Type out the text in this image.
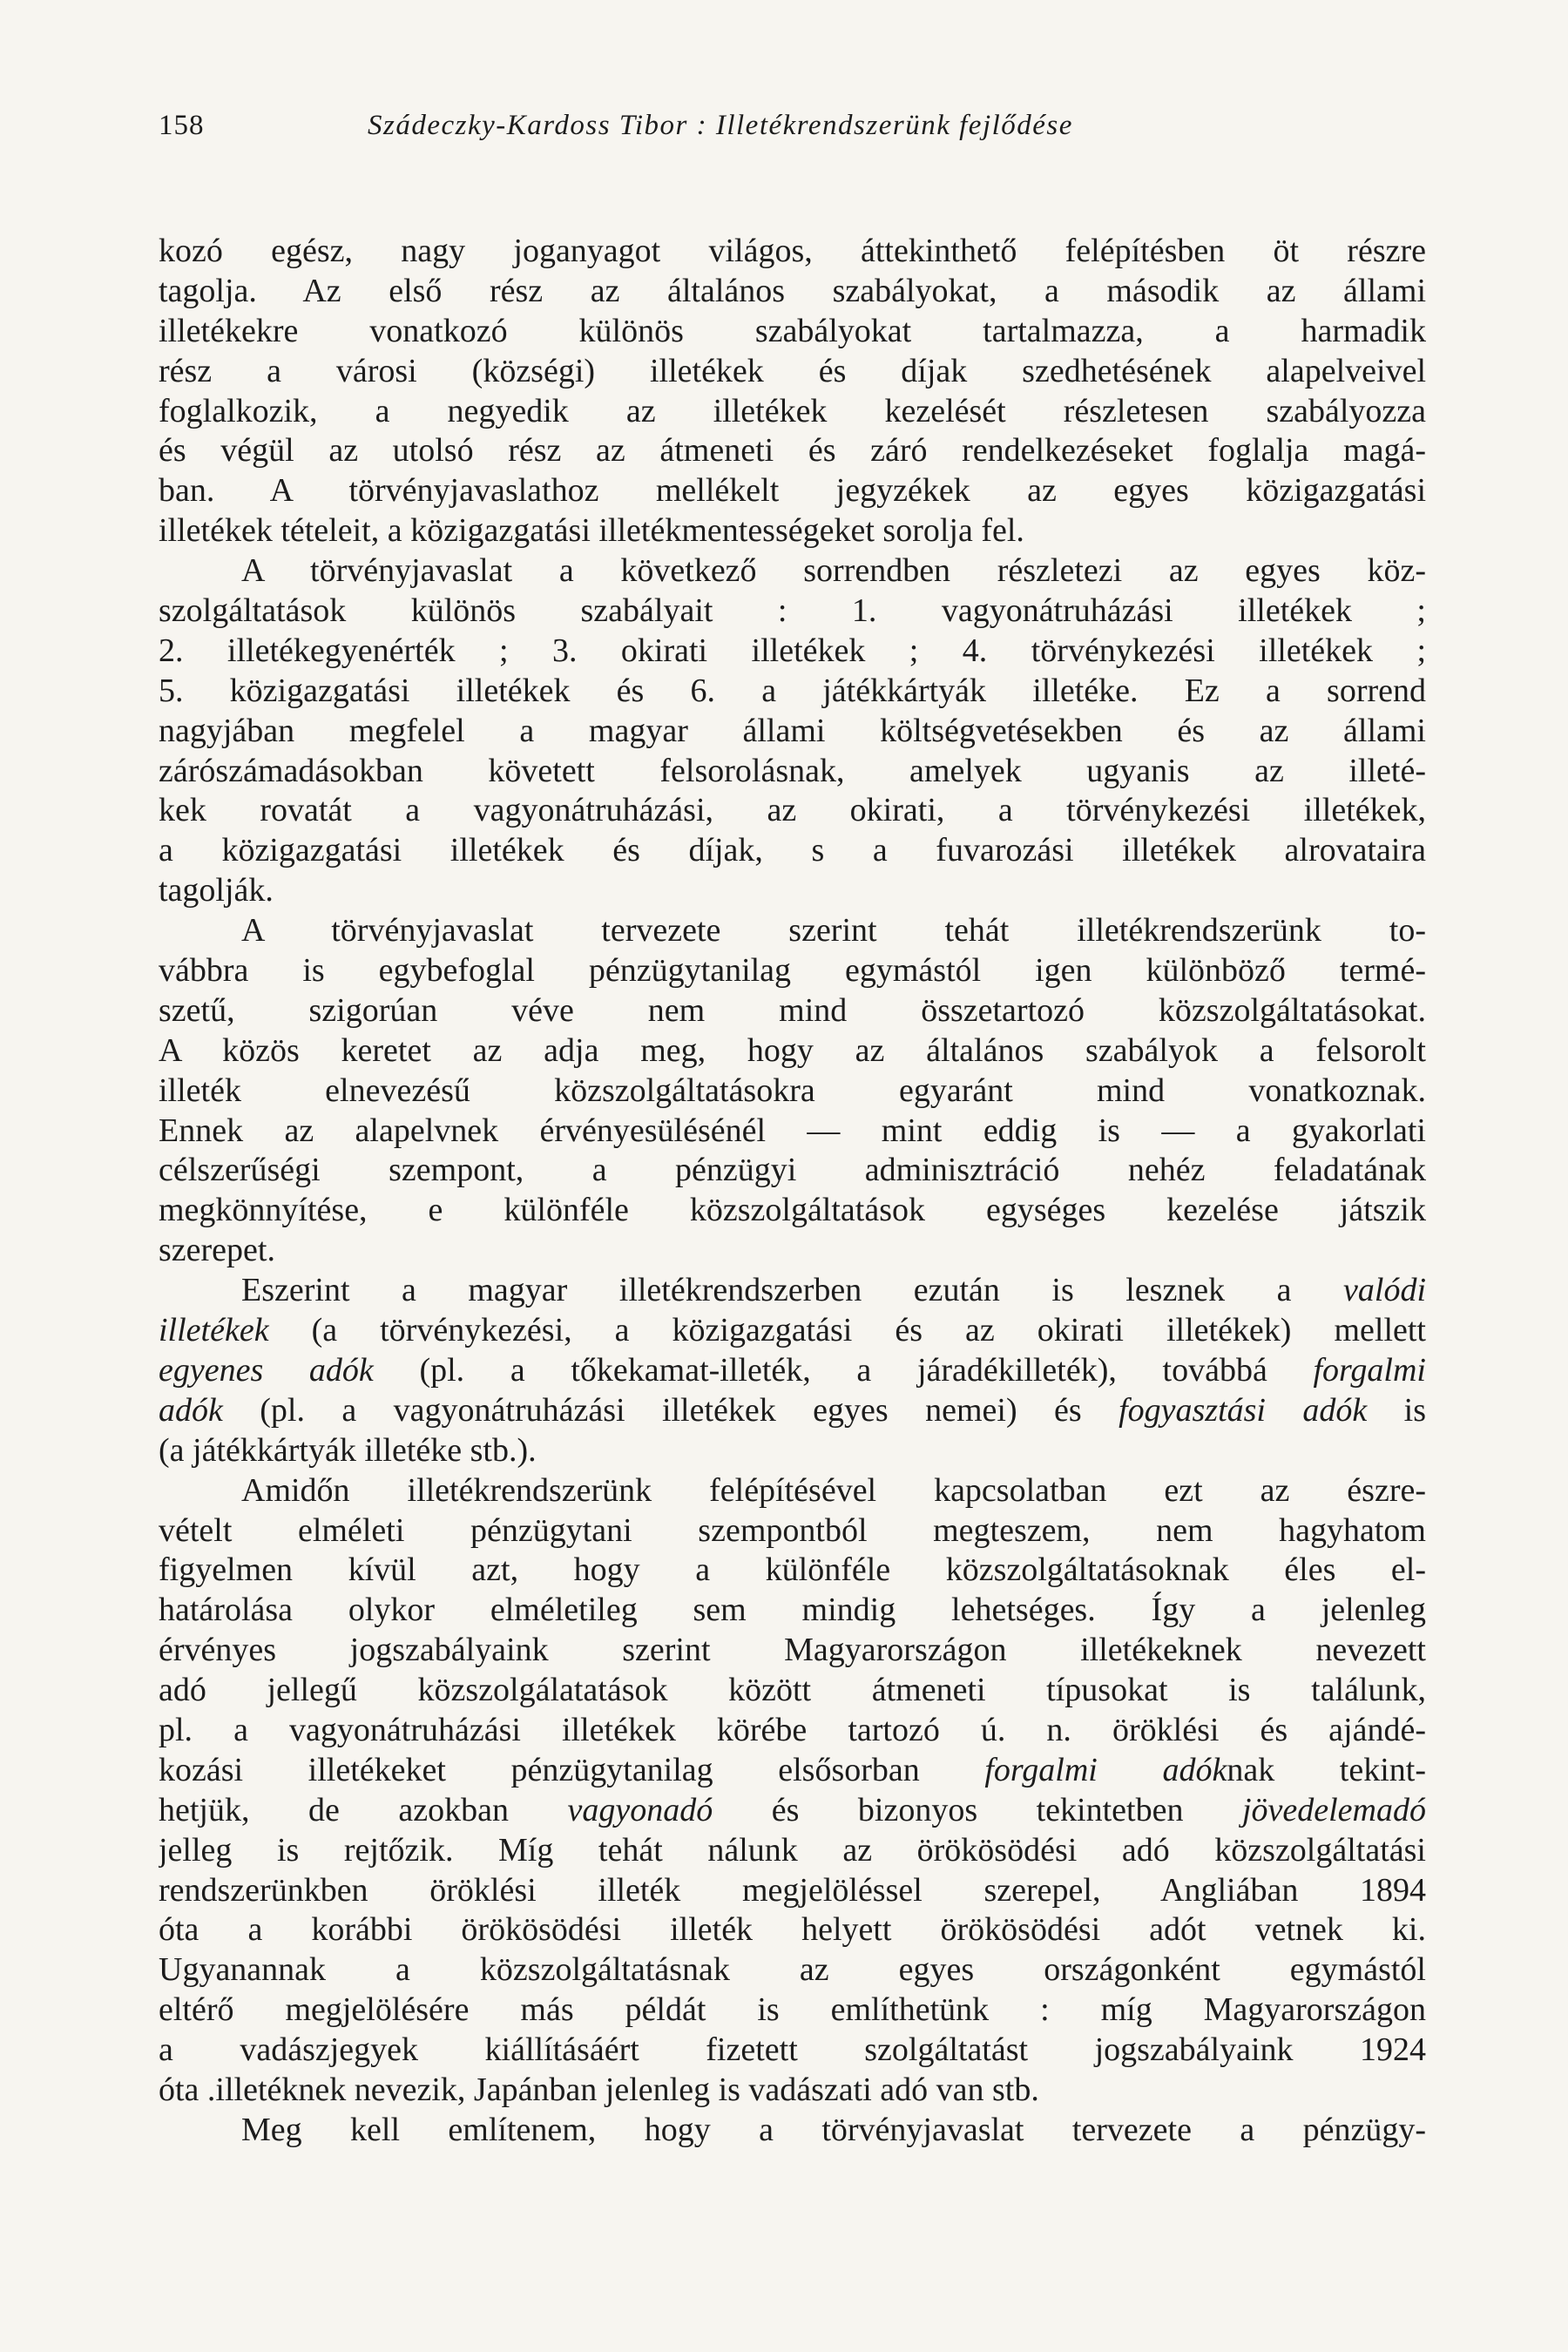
158	Szádeczky-Kardoss Tibor : Illetékrendszerünk fejlődése
kozó egész, nagy joganyagot világos, áttekinthető felépítésben öt részre
tagolja. Az első rész az általános szabályokat, a második az állami
illetékekre vonatkozó különös szabályokat tartalmazza, a harmadik
rész a városi (községi) illetékek és díjak szedhetésének alapelveivel
foglalkozik, a negyedik az illetékek kezelését részletesen szabályozza
és végül az utolsó rész az átmeneti és záró rendelkezéseket foglalja magá-
ban. A törvényjavaslathoz mellékelt jegyzékek az egyes közigazgatási
illetékek tételeit, a közigazgatási illetékmentességeket sorolja fel.
A törvényjavaslat a következő sorrendben részletezi az egyes köz-
szolgáltatások különös szabályait : 1. vagyonátruházási illetékek ;
2. illetékegyenérték ; 3. okirati illetékek ; 4. törvénykezési illetékek ;
5. közigazgatási illetékek és 6. a játékkártyák illetéke. Ez a sorrend
nagyjában megfelel a magyar állami költségvetésekben és az állami
zárószámadásokban követett felsorolásnak, amelyek ugyanis az illeté-
kek rovatát a vagyonátruházási, az okirati, a törvénykezési illetékek,
a közigazgatási illetékek és díjak, s a fuvarozási illetékek alrovataira
tagolják.
A törvényjavaslat tervezete szerint tehát illetékrendszerünk to-
vábbra is egybefoglal pénzügytanilag egymástól igen különböző termé-
szetű, szigorúan véve nem mind összetartozó közszolgáltatásokat.
A közös keretet az adja meg, hogy az általános szabályok a felsorolt
illeték elnevezésű közszolgáltatásokra egyaránt mind vonatkoznak.
Ennek az alapelvnek érvényesülésénél — mint eddig is — a gyakorlati
célszerűségi szempont, a pénzügyi adminisztráció nehéz feladatának
megkönnyítése, e különféle közszolgáltatások egységes kezelése játszik
szerepet.
Eszerint a magyar illetékrendszerben ezután is lesznek a valódi
illetékek (a törvénykezési, a közigazgatási és az okirati illetékek) mellett
egyenes adók (pl. a tőkekamat-illeték, a járadékilleték), továbbá forgalmi
adók (pl. a vagyonátruházási illetékek egyes nemei) és fogyasztási adók is
(a játékkártyák illetéke stb.).
Amidőn illetékrendszerünk felépítésével kapcsolatban ezt az észre-
vételt elméleti pénzügytani szempontból megteszem, nem hagyhatom
figyelmen kívül azt, hogy a különféle közszolgáltatásoknak éles el-
határolása olykor elméletileg sem mindig lehetséges. Így a jelenleg
érvényes jogszabályaink szerint Magyarországon illetékeknek nevezett
adó jellegű közszolgálatatások között átmeneti típusokat is találunk,
pl. a vagyonátruházási illetékek körébe tartozó ú. n. öröklési és ajándé-
kozási illetékeket pénzügytanilag elsősorban forgalmi adóknak tekint-
hetjük, de azokban vagyonadó és bizonyos tekintetben jövedelemadó
jelleg is rejtőzik. Míg tehát nálunk az örökösödési adó közszolgáltatási
rendszerünkben öröklési illeték megjelöléssel szerepel, Angliában 1894
óta a korábbi örökösödési illeték helyett örökösödési adót vetnek ki.
Ugyanannak a közszolgáltatásnak az egyes országonként egymástól
eltérő megjelölésére más példát is említhetünk : míg Magyarországon
a vadászjegyek kiállításáért fizetett szolgáltatást jogszabályaink 1924
óta .illetéknek nevezik, Japánban jelenleg is vadászati adó van stb.
Meg kell említenem, hogy a törvényjavaslat tervezete a pénzügy-
